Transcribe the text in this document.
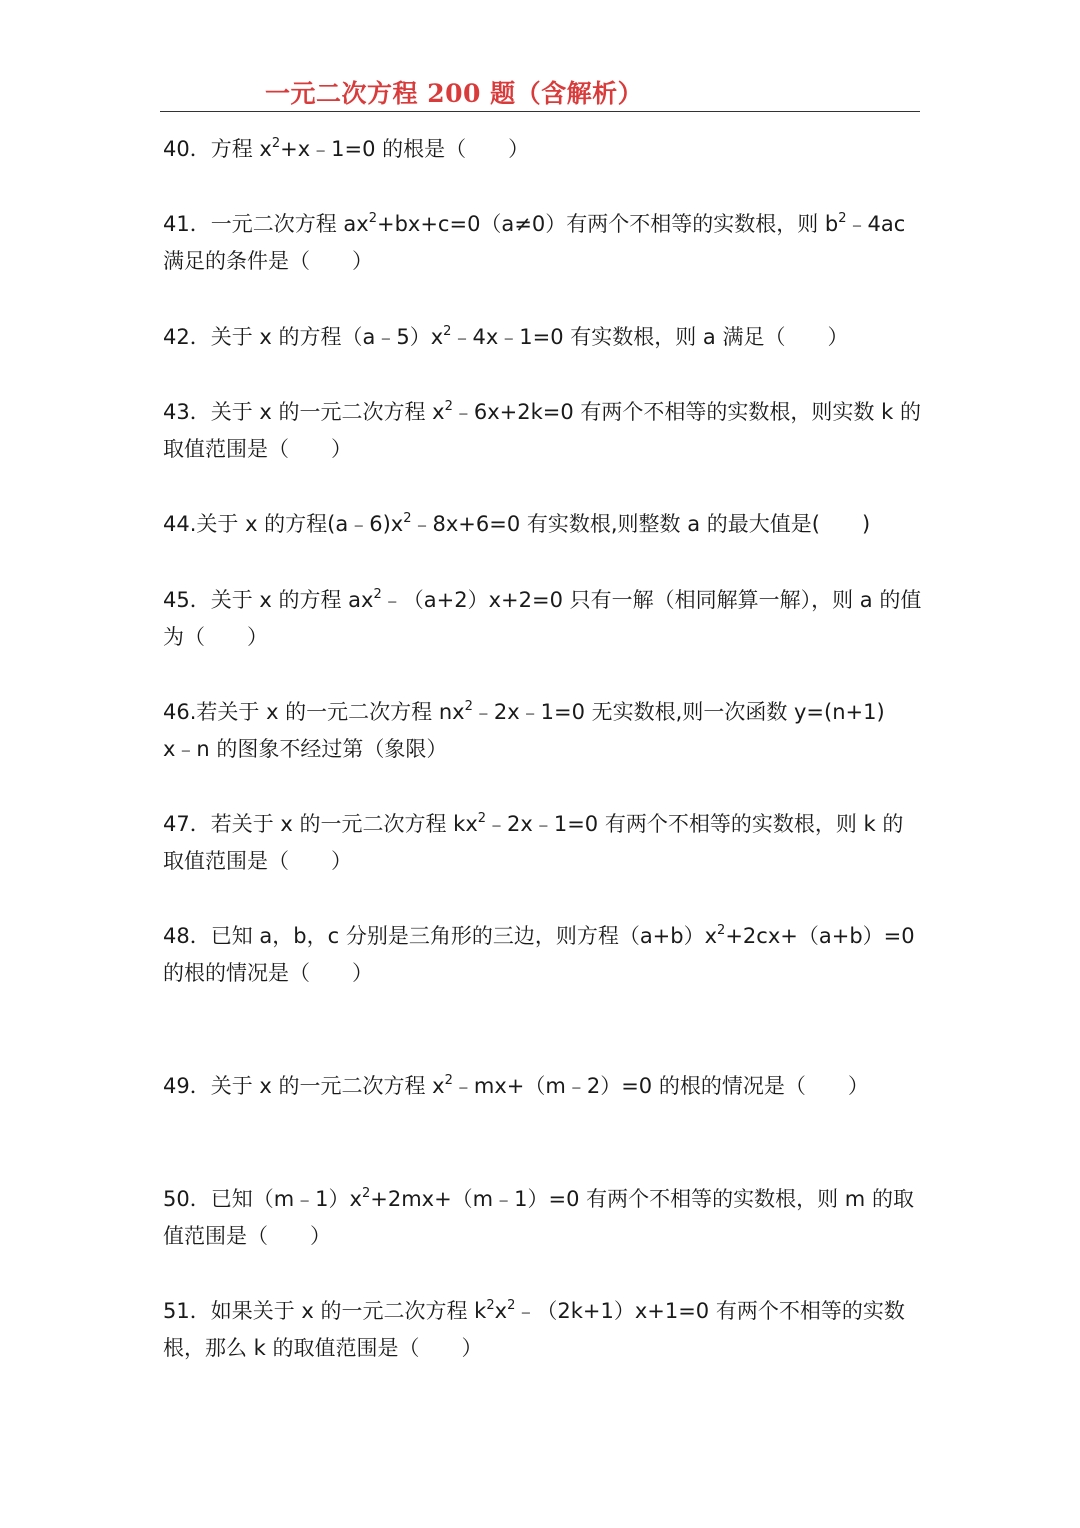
一元二次方程 200 题（含解析）
40．方程 $x^2+x﹣1=0$ 的根是（　　）
41．一元二次方程 $ax^2+bx+c=0(a\ne 0)$有两个不相等的实数根，则 $b^2﹣4ac$
满足的条件是（　　）
42．关于 x 的方程$(a﹣5)x^2﹣4x﹣1=0$ 有实数根，则 a 满足（　　）
43．关于 x 的一元二次方程 $x^2﹣6x+2k=0$ 有两个不相等的实数根，则实数 k 的
取值范围是（　　）
44.关于 x 的方程$(a﹣6)x^2﹣8x+6=0$ 有实数根,则整数 a 的最大值是(　　)
45．关于 x 的方程 $ax^2﹣(a+2)x+2=0$ 只有一解（相同解算一解），则 a 的值
为（　　）
46.若关于 x 的一元二次方程 $nx^2﹣2x﹣1=0$ 无实数根,则一次函数 y=(n+1)
x﹣n 的图象不经过第（象限）
47．若关于 x 的一元二次方程 $kx^2﹣2x﹣1=0$ 有两个不相等的实数根，则 k 的
取值范围是（　　）
48．已知 a，b，c 分别是三角形的三边，则方程$(a+b)x^2+2cx+(a+b)=0$
的根的情况是（　　）
49．关于 x 的一元二次方程 $x^2﹣mx+(m﹣2)=0$ 的根的情况是（　　）
50．已知$(m﹣1)x^2+2mx+(m﹣1)=0$ 有两个不相等的实数根，则 m 的取
值范围是（　　）
51．如果关于 x 的一元二次方程 $k^2x^2﹣(2k+1)x+1=0$ 有两个不相等的实数
根，那么 k 的取值范围是（　　）
